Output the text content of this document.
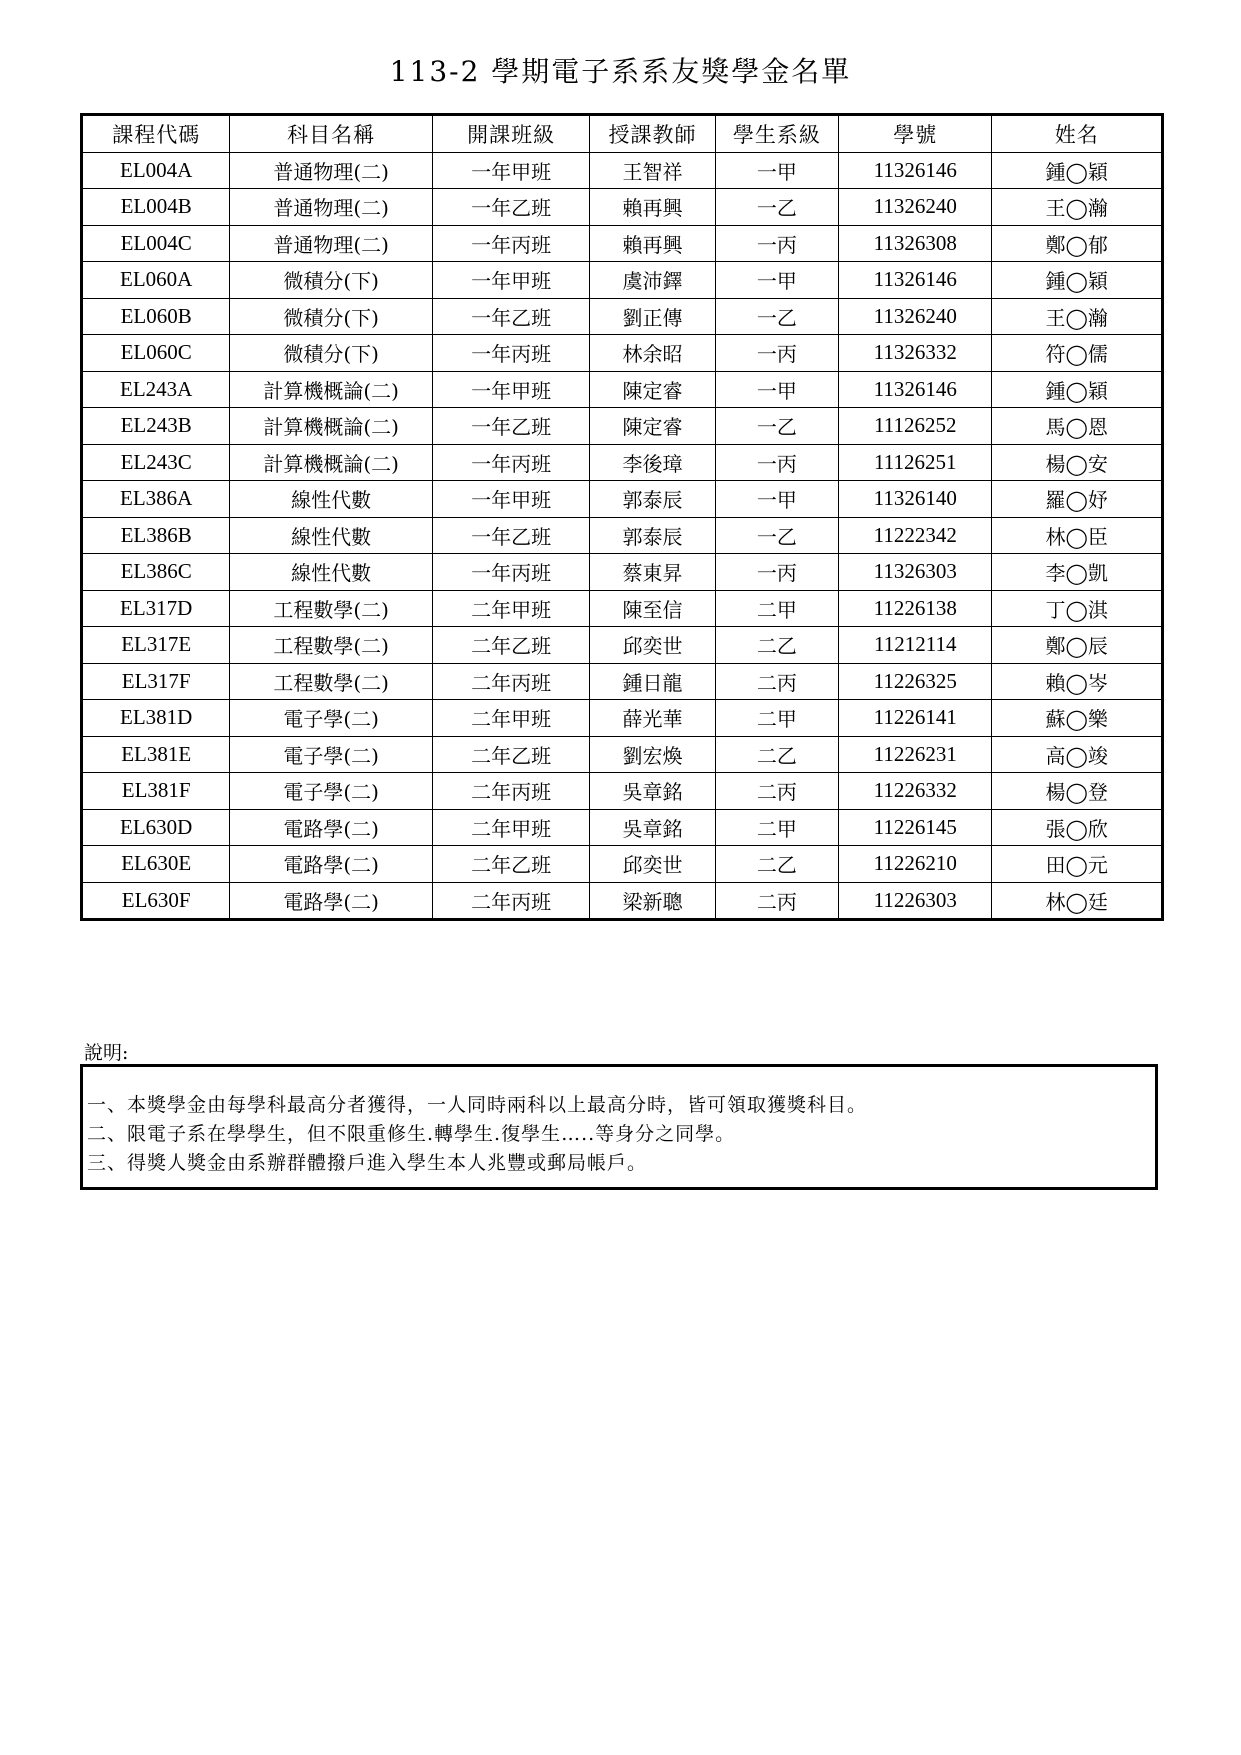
113-2 學期電子系系友獎學金名單
課程代碼	科目名稱	開課班級	授課教師	學生系級	學號	姓名
EL004A	普通物理(二)	一年甲班	王智祥	一甲	11326146	鍾◯穎
EL004B	普通物理(二)	一年乙班	賴再興	一乙	11326240	王◯瀚
EL004C	普通物理(二)	一年丙班	賴再興	一丙	11326308	鄭◯郁
EL060A	微積分(下)	一年甲班	虞沛鐸	一甲	11326146	鍾◯穎
EL060B	微積分(下)	一年乙班	劉正傳	一乙	11326240	王◯瀚
EL060C	微積分(下)	一年丙班	林余昭	一丙	11326332	符◯儒
EL243A	計算機概論(二)	一年甲班	陳定睿	一甲	11326146	鍾◯穎
EL243B	計算機概論(二)	一年乙班	陳定睿	一乙	11126252	馬◯恩
EL243C	計算機概論(二)	一年丙班	李後璋	一丙	11126251	楊◯安
EL386A	線性代數	一年甲班	郭泰辰	一甲	11326140	羅◯妤
EL386B	線性代數	一年乙班	郭泰辰	一乙	11222342	林◯臣
EL386C	線性代數	一年丙班	蔡東昇	一丙	11326303	李◯凱
EL317D	工程數學(二)	二年甲班	陳至信	二甲	11226138	丁◯淇
EL317E	工程數學(二)	二年乙班	邱奕世	二乙	11212114	鄭◯辰
EL317F	工程數學(二)	二年丙班	鍾日龍	二丙	11226325	賴◯岑
EL381D	電子學(二)	二年甲班	薛光華	二甲	11226141	蘇◯樂
EL381E	電子學(二)	二年乙班	劉宏煥	二乙	11226231	高◯竣
EL381F	電子學(二)	二年丙班	吳章銘	二丙	11226332	楊◯登
EL630D	電路學(二)	二年甲班	吳章銘	二甲	11226145	張◯欣
EL630E	電路學(二)	二年乙班	邱奕世	二乙	11226210	田◯元
EL630F	電路學(二)	二年丙班	梁新聰	二丙	11226303	林◯廷
說明:
一、本獎學金由每學科最高分者獲得，一人同時兩科以上最高分時，皆可領取獲獎科目。
二、限電子系在學學生，但不限重修生.轉學生.復學生…..等身分之同學。
三、得獎人獎金由系辦群體撥戶進入學生本人兆豐或郵局帳戶。
